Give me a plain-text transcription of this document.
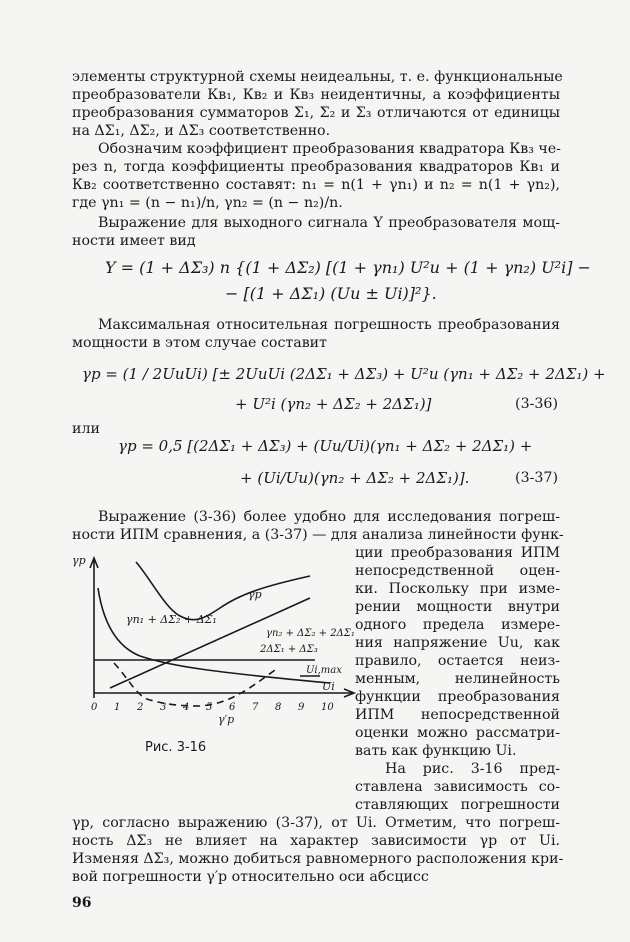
элементы структурной схемы неидеальны, т. е. функциональные
преобразователи Кв₁, Кв₂ и Кв₃ неидентичны, а коэффициенты
преобразования сумматоров Σ₁, Σ₂ и Σ₃ отличаются от единицы
на ΔΣ₁, ΔΣ₂, и ΔΣ₃ соответственно.
Обозначим коэффициент преобразования квадратора Кв₃ че-
рез n, тогда коэффициенты преобразования квадраторов Кв₁ и
Кв₂ соответственно составят: n₁ = n(1 + γn₁) и n₂ = n(1 + γn₂),
где γn₁ = (n − n₁)/n, γn₂ = (n − n₂)/n.
Выражение для выходного сигнала Y преобразователя мощ-
ности имеет вид
Y = (1 + ΔΣ₃) n {(1 + ΔΣ₂) [(1 + γn₁) U²u + (1 + γn₂) U²i] −
− [(1 + ΔΣ₁) (Uu ± Ui)]²}.
Максимальная относительная погрешность преобразования
мощности в этом случае составит
γp = (1 / 2UuUi) [± 2UuUi (2ΔΣ₁ + ΔΣ₃) + U²u (γn₁ + ΔΣ₂ + 2ΔΣ₁) +
+ U²i (γn₂ + ΔΣ₂ + 2ΔΣ₁)]	(3-36)
или
γp = 0,5 [(2ΔΣ₁ + ΔΣ₃) + (Uu/Ui)(γn₁ + ΔΣ₂ + 2ΔΣ₁) +
+ (Ui/Uu)(γn₂ + ΔΣ₂ + 2ΔΣ₁)].	(3-37)
Выражение (3-36) более удобно для исследования погреш-
ности ИПМ сравнения, а (3-37) — для анализа линейности функ-
ции преобразования ИПМ
непосредственной оцен-
ки. Поскольку при изме-
рении мощности внутри
одного предела измере-
ния напряжение Uu, как
правило, остается неиз-
менным, нелинейность
функции преобразования
ИПМ непосредственной
оценки можно рассматри-
вать как функцию Ui.
На рис. 3-16 пред-
ставлена зависимость со-
ставляющих погрешности
γp
Ui
γp
γn₁ + ΔΣ₂ + ΔΣ₁
γn₂ + ΔΣ₂ + 2ΔΣ₁
2ΔΣ₁ + ΔΣ₃
Ui,max
γ′p
0 1 2 3 4 5 6 7 8 9 10
Рис. 3-16
γp, согласно выражению (3-37), от Ui. Отметим, что погреш-
ность ΔΣ₃ не влияет на характер зависимости γp от Ui.
Изменяя ΔΣ₃, можно добиться равномерного расположения кри-
вой погрешности γ′p относительно оси абсцисс
96
